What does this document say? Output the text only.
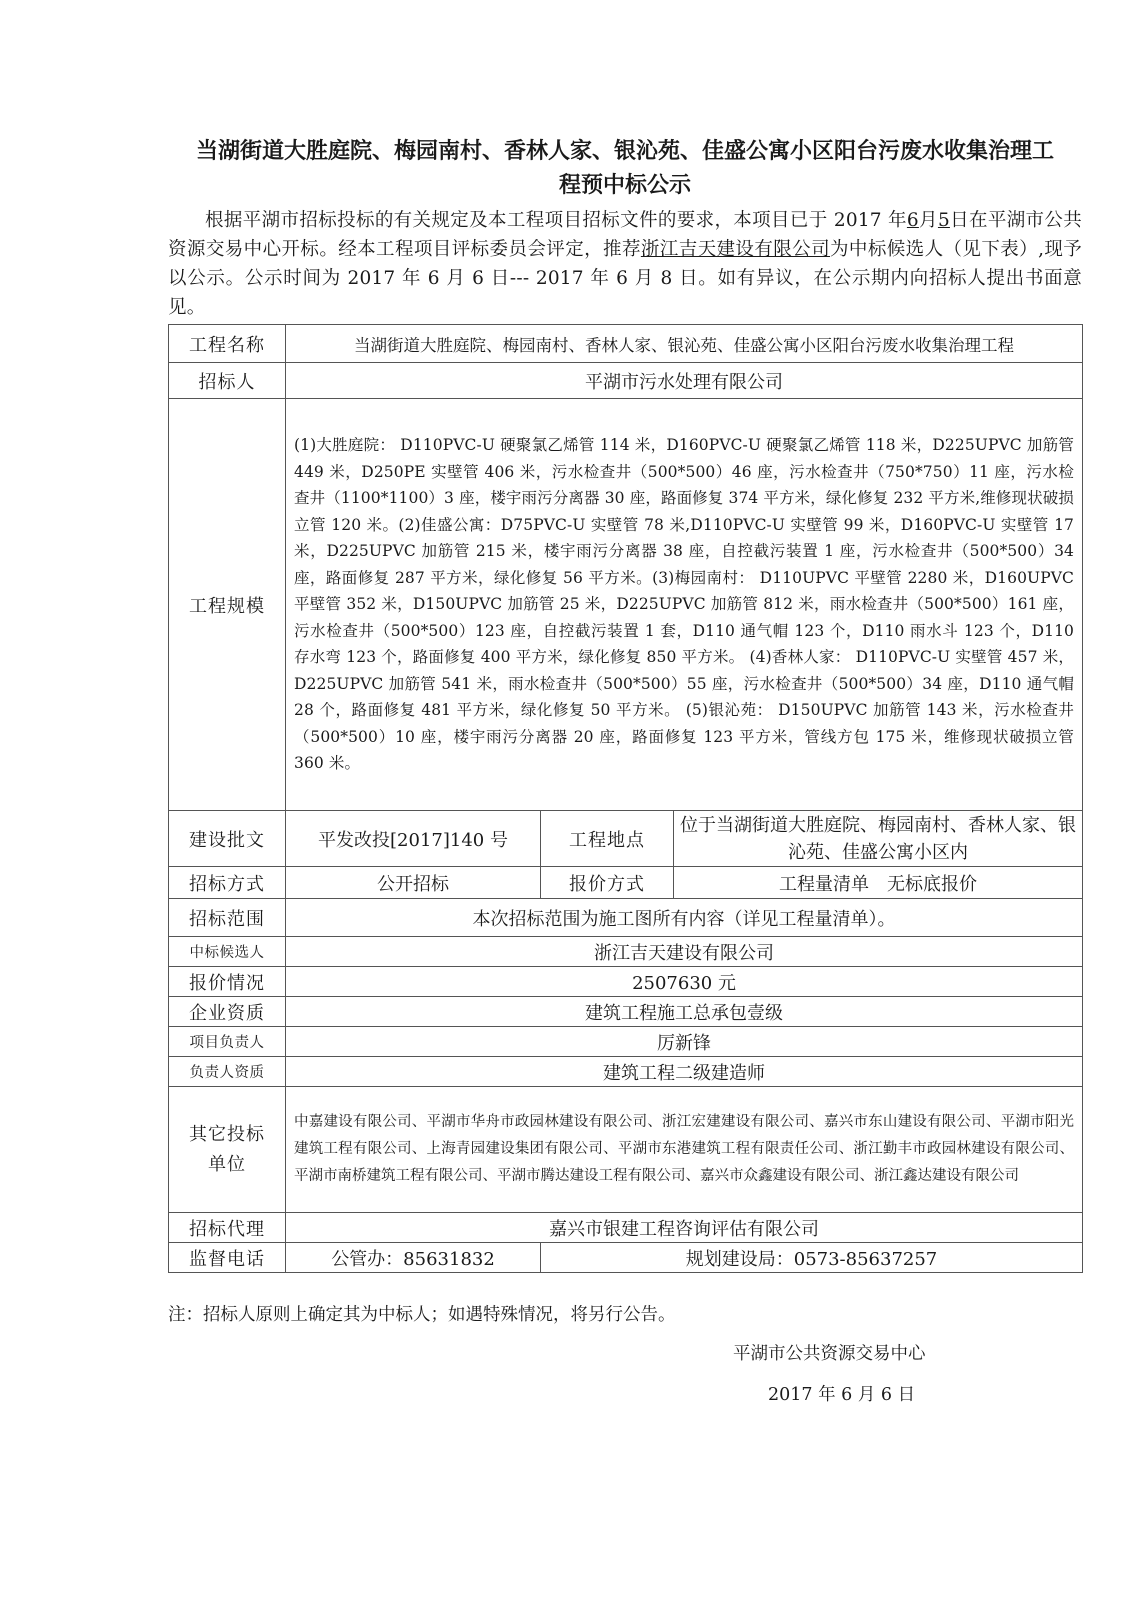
当湖街道大胜庭院、梅园南村、香林人家、银沁苑、佳盛公寓小区阳台污废水收集治理工
程预中标公示

根据平湖市招标投标的有关规定及本工程项目招标文件的要求，本项目已于 2017 年6月5日在平湖市公共资源交易中心开标。经本工程项目评标委员会评定，推荐浙江吉天建设有限公司为中标候选人（见下表）,现予以公示。公示时间为 2017 年 6 月 6 日--- 2017 年 6 月 8 日。如有异议，在公示期内向招标人提出书面意见。

工程名称	当湖街道大胜庭院、梅园南村、香林人家、银沁苑、佳盛公寓小区阳台污废水收集治理工程		
招标人	平湖市污水处理有限公司		
工程规模	(1)大胜庭院： D110PVC-U 硬聚氯乙烯管 114 米，D160PVC-U 硬聚氯乙烯管 118 米，D225UPVC 加筋管 449 米，D250PE 实壁管 406 米，污水检查井（500*500）46 座，污水检查井（750*750）11 座，污水检查井（1100*1100）3 座，楼宇雨污分离器 30 座，路面修复 374 平方米，绿化修复 232 平方米,维修现状破损立管 120 米。(2)佳盛公寓：D75PVC-U 实壁管 78 米,D110PVC-U 实壁管 99 米，D160PVC-U 实壁管 17 米，D225UPVC 加筋管 215 米，楼宇雨污分离器 38 座，自控截污装置 1 座，污水检查井（500*500）34 座，路面修复 287 平方米，绿化修复 56 平方米。(3)梅园南村： D110UPVC 平壁管 2280 米，D160UPVC 平壁管 352 米，D150UPVC 加筋管 25 米，D225UPVC 加筋管 812 米，雨水检查井（500*500）161 座，污水检查井（500*500）123 座，自控截污装置 1 套，D110 通气帽 123 个，D110 雨水斗 123 个，D110 存水弯 123 个，路面修复 400 平方米，绿化修复 850 平方米。 (4)香林人家： D110PVC-U 实壁管 457 米，D225UPVC 加筋管 541 米，雨水检查井（500*500）55 座，污水检查井（500*500）34 座，D110 通气帽 28 个，路面修复 481 平方米，绿化修复 50 平方米。 (5)银沁苑： D150UPVC 加筋管 143 米，污水检查井（500*500）10 座，楼宇雨污分离器 20 座，路面修复 123 平方米，管线方包 175 米，维修现状破损立管 360 米。		
建设批文	平发改投[2017]140 号	工程地点	位于当湖街道大胜庭院、梅园南村、香林人家、银沁苑、佳盛公寓小区内
招标方式	公开招标	报价方式	工程量清单　无标底报价
招标范围	本次招标范围为施工图所有内容（详见工程量清单）。		
中标候选人	浙江吉天建设有限公司		
报价情况	2507630 元		
企业资质	建筑工程施工总承包壹级		
项目负责人	厉新锋		
负责人资质	建筑工程二级建造师		
其它投标
单位	中嘉建设有限公司、平湖市华舟市政园林建设有限公司、浙江宏建建设有限公司、嘉兴市东山建设有限公司、平湖市阳光建筑工程有限公司、上海青园建设集团有限公司、平湖市东港建筑工程有限责任公司、浙江勤丰市政园林建设有限公司、平湖市南桥建筑工程有限公司、平湖市腾达建设工程有限公司、嘉兴市众鑫建设有限公司、浙江鑫达建设有限公司		
招标代理	嘉兴市银建工程咨询评估有限公司		
监督电话	公管办：85631832	规划建设局：0573-85637257	
注：招标人原则上确定其为中标人；如遇特殊情况，将另行公告。
平湖市公共资源交易中心
2017 年 6 月 6 日
